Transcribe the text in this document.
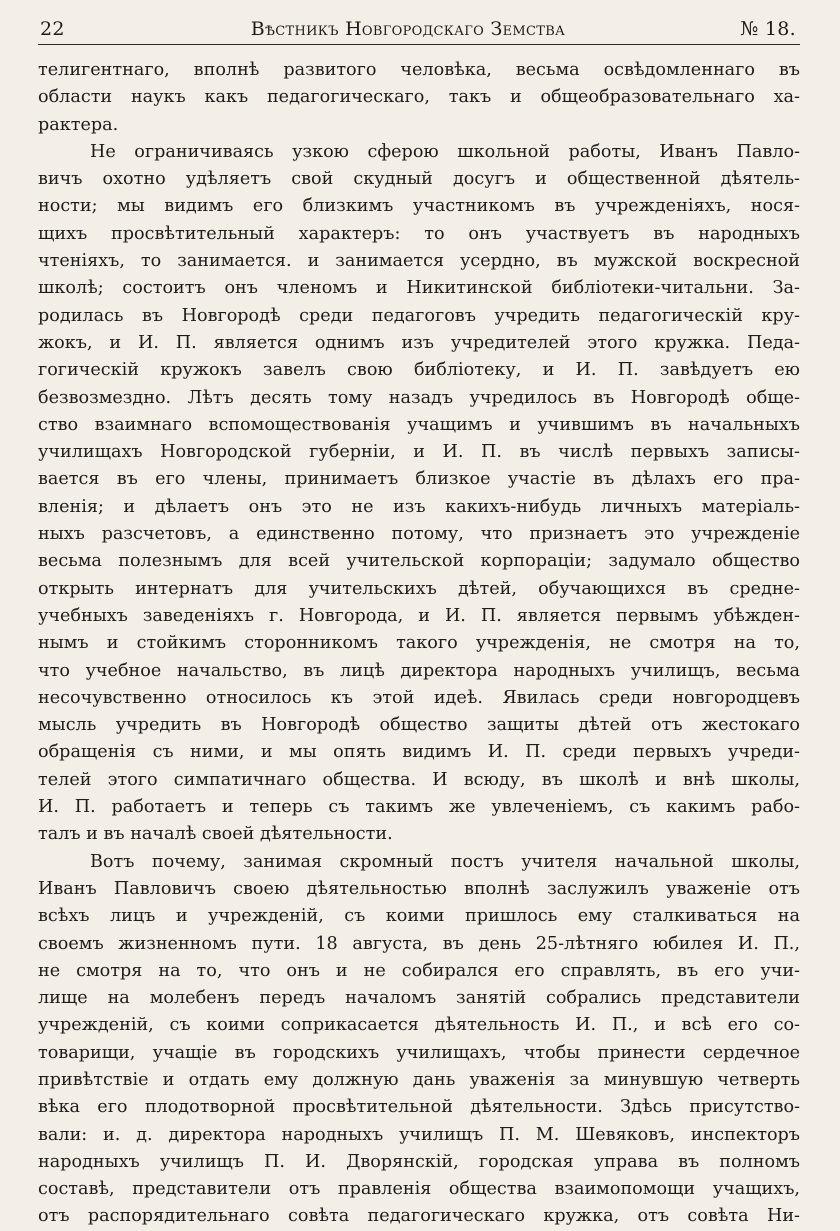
22	Вѣстникъ Новгородскаго Земства	№ 18.
телигентнаго, вполнѣ развитого человѣка, весьма освѣдомленнаго въ
области наукъ какъ педагогическаго, такъ и общеобразовательнаго ха-
рактера.
Не ограничиваясь узкою сферою школьной работы, Иванъ Павло-
вичъ охотно удѣляетъ свой скудный досугъ и общественной дѣятель-
ности; мы видимъ его близкимъ участникомъ въ учрежденіяхъ, нося-
щихъ просвѣтительный характеръ: то онъ участвуетъ въ народныхъ
чтеніяхъ, то занимается. и занимается усердно, въ мужской воскресной
школѣ; состоитъ онъ членомъ и Никитинской библіотеки-читальни. За-
родилась въ Новгородѣ среди педагоговъ учредить педагогическій кру-
жокъ, и И. П. является однимъ изъ учредителей этого кружка. Педа-
гогическій кружокъ завелъ свою библіотеку, и И. П. завѣдуетъ ею
безвозмездно. Лѣтъ десять тому назадъ учредилось въ Новгородѣ обще-
ство взаимнаго вспомоществованія учащимъ и учившимъ въ начальныхъ
училищахъ Новгородской губерніи, и И. П. въ числѣ первыхъ записы-
вается въ его члены, принимаетъ близкое участіе въ дѣлахъ его пра-
вленія; и дѣлаетъ онъ это не изъ какихъ-нибудь личныхъ матеріаль-
ныхъ разсчетовъ, а единственно потому, что признаетъ это учрежденіе
весьма полезнымъ для всей учительской корпораціи; задумало общество
открыть интернатъ для учительскихъ дѣтей, обучающихся въ средне-
учебныхъ заведеніяхъ г. Новгорода, и И. П. является первымъ убѣжден-
нымъ и стойкимъ сторонникомъ такого учрежденія, не смотря на то,
что учебное начальство, въ лицѣ директора народныхъ училищъ, весьма
несочувственно относилось къ этой идеѣ. Явилась среди новгородцевъ
мысль учредить въ Новгородѣ общество защиты дѣтей отъ жестокаго
обращенія съ ними, и мы опять видимъ И. П. среди первыхъ учреди-
телей этого симпатичнаго общества. И всюду, въ школѣ и внѣ школы,
И. П. работаетъ и теперь съ такимъ же увлеченіемъ, съ какимъ рабо-
талъ и въ началѣ своей дѣятельности.
Вотъ почему, занимая скромный постъ учителя начальной школы,
Иванъ Павловичъ своею дѣятельностью вполнѣ заслужилъ уваженіе отъ
всѣхъ лицъ и учрежденій, съ коими пришлось ему сталкиваться на
своемъ жизненномъ пути. 18 августа, въ день 25-лѣтняго юбилея И. П.,
не смотря на то, что онъ и не собирался его справлять, въ его учи-
лище на молебенъ передъ началомъ занятій собрались представители
учрежденій, съ коими соприкасается дѣятельность И. П., и всѣ его со-
товарищи, учащіе въ городскихъ училищахъ, чтобы принести сердечное
привѣтствіе и отдать ему должную дань уваженія за минувшую четверть
вѣка его плодотворной просвѣтительной дѣятельности. Здѣсь присутство-
вали: и. д. директора народныхъ училищъ П. М. Шевяковъ, инспекторъ
народныхъ училищъ П. И. Дворянскій, городская управа въ полномъ
составѣ, представители отъ правленія общества взаимопомощи учащихъ,
отъ распорядительнаго совѣта педагогическаго кружка, отъ совѣта Ни-
